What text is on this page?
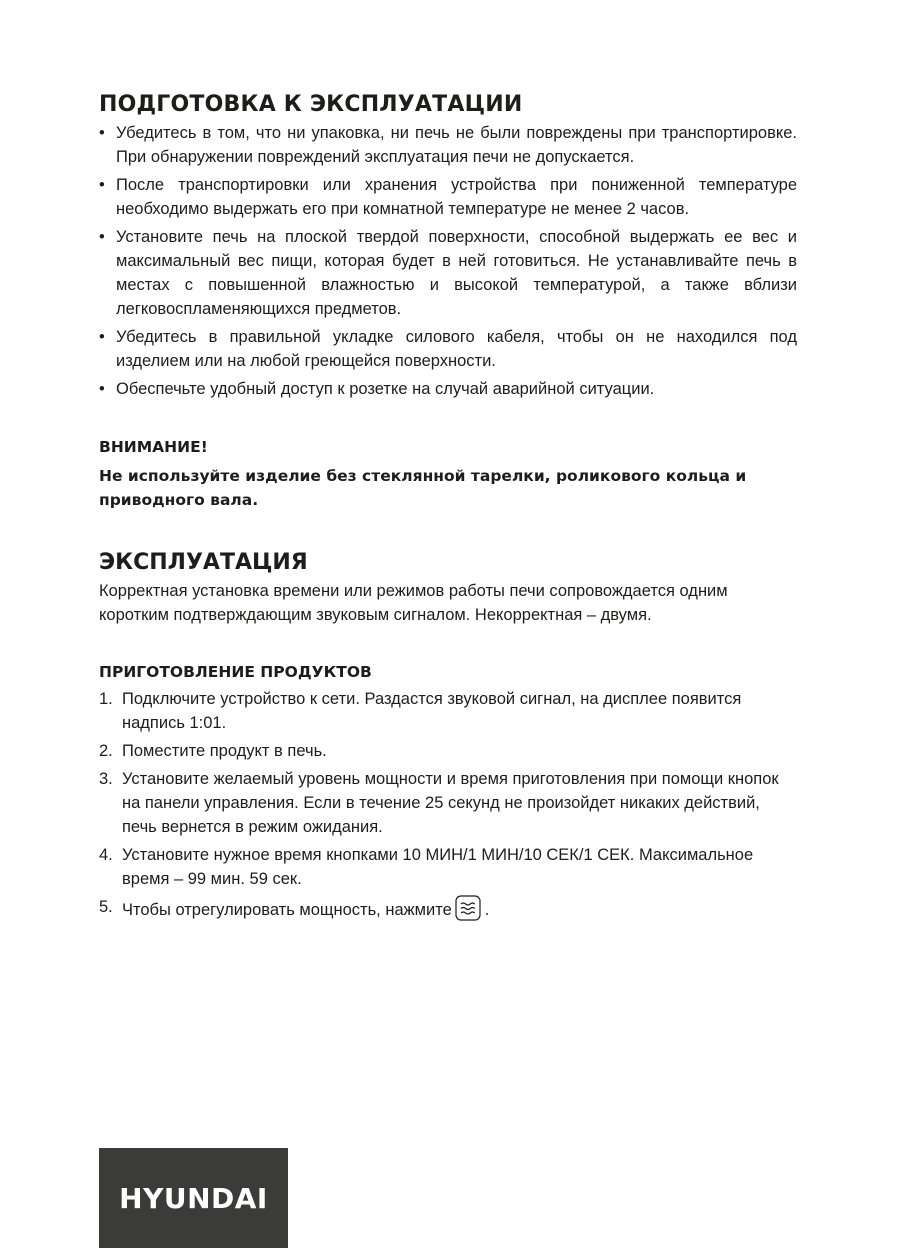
ПОДГОТОВКА К ЭКСПЛУАТАЦИИ
• Убедитесь в том, что ни упаковка, ни печь не были повреждены при транспортировке. При обнаружении повреждений эксплуатация печи не допускается.
• После транспортировки или хранения устройства при пониженной температуре необходимо выдержать его при комнатной температуре не менее 2 часов.
• Установите печь на плоской твердой поверхности, способной выдержать ее вес и максимальный вес пищи, которая будет в ней готовиться. Не устанавливайте печь в местах с повышенной влажностью и высокой температурой, а также вблизи легковоспламеняющихся предметов.
• Убедитесь в правильной укладке силового кабеля, чтобы он не находился под изделием или на любой греющейся поверхности.
• Обеспечьте удобный доступ к розетке на случай аварийной ситуации.
ВНИМАНИЕ!

Не используйте изделие без стеклянной тарелки, роликового кольца и приводного вала.

ЭКСПЛУАТАЦИЯ

Корректная установка времени или режимов работы печи сопровождается одним коротким подтверждающим звуковым сигналом. Некорректная – двумя.

ПРИГОТОВЛЕНИЕ ПРОДУКТОВ
1. Подключите устройство к сети. Раздастся звуковой сигнал, на дисплее появится надпись 1:01.
2. Поместите продукт в печь.
3. Установите желаемый уровень мощности и время приготовления при помощи кнопок на панели управления. Если в течение 25 секунд не произойдет никаких действий, печь вернется в режим ожидания.
4. Установите нужное время кнопками 10 МИН/1 МИН/10 СЕК/1 СЕК. Максимальное время – 99 мин. 59 сек.
5. Чтобы отрегулировать мощность, нажмите .
HYUNDAI
